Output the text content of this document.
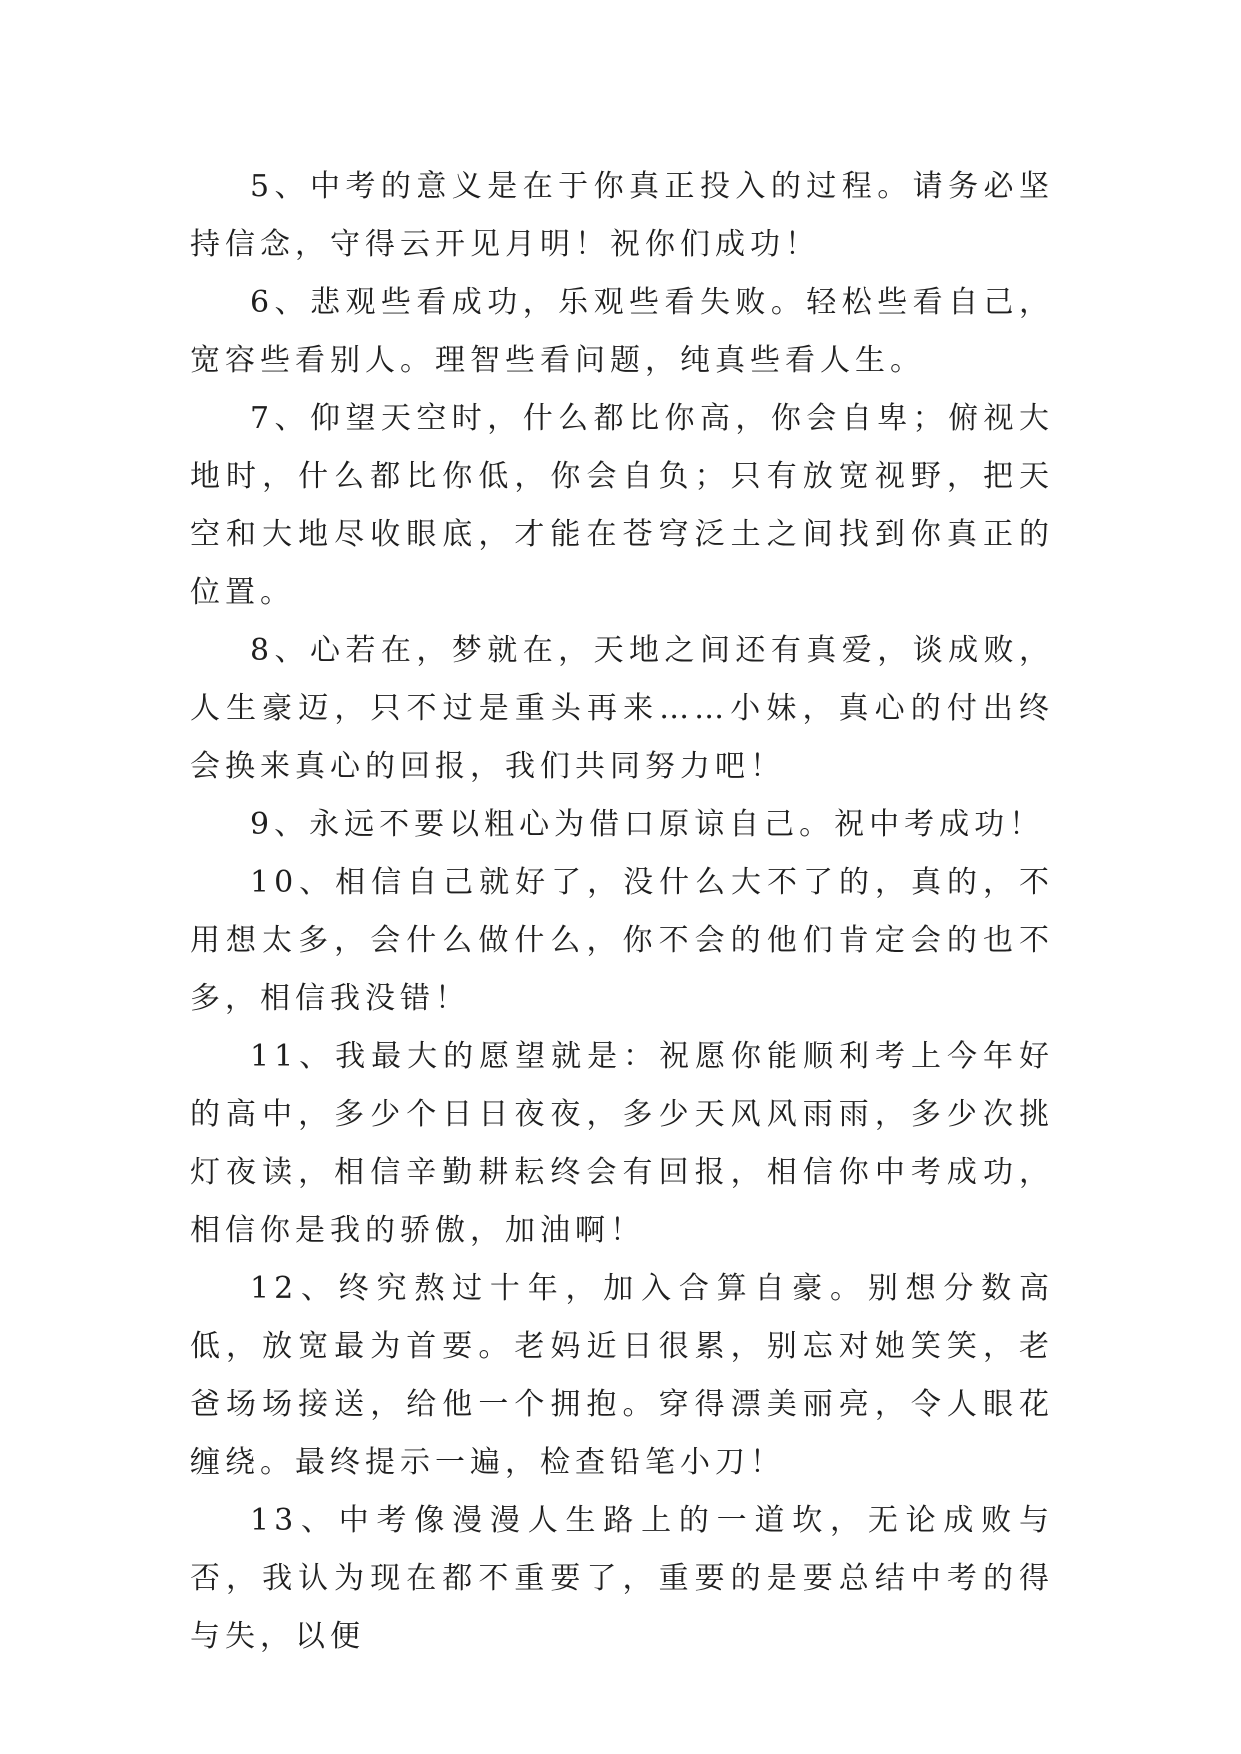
5、中考的意义是在于你真正投入的过程。请务必坚持信念，守得云开见月明！祝你们成功！

6、悲观些看成功，乐观些看失败。轻松些看自己，宽容些看别人。理智些看问题，纯真些看人生。

7、仰望天空时，什么都比你高，你会自卑；俯视大地时，什么都比你低，你会自负；只有放宽视野，把天空和大地尽收眼底，才能在苍穹泛土之间找到你真正的位置。

8、心若在，梦就在，天地之间还有真爱，谈成败，人生豪迈，只不过是重头再来……小妹，真心的付出终会换来真心的回报，我们共同努力吧！

9、永远不要以粗心为借口原谅自己。祝中考成功！

10、相信自己就好了，没什么大不了的，真的，不用想太多，会什么做什么，你不会的他们肯定会的也不多，相信我没错！

11、我最大的愿望就是：祝愿你能顺利考上今年好的高中，多少个日日夜夜，多少天风风雨雨，多少次挑灯夜读，相信辛勤耕耘终会有回报，相信你中考成功，相信你是我的骄傲，加油啊！

12、终究熬过十年，加入合算自豪。别想分数高低，放宽最为首要。老妈近日很累，别忘对她笑笑，老爸场场接送，给他一个拥抱。穿得漂美丽亮，令人眼花缠绕。最终提示一遍，检查铅笔小刀！

13、中考像漫漫人生路上的一道坎，无论成败与否，我认为现在都不重要了，重要的是要总结中考的得与失，以便
